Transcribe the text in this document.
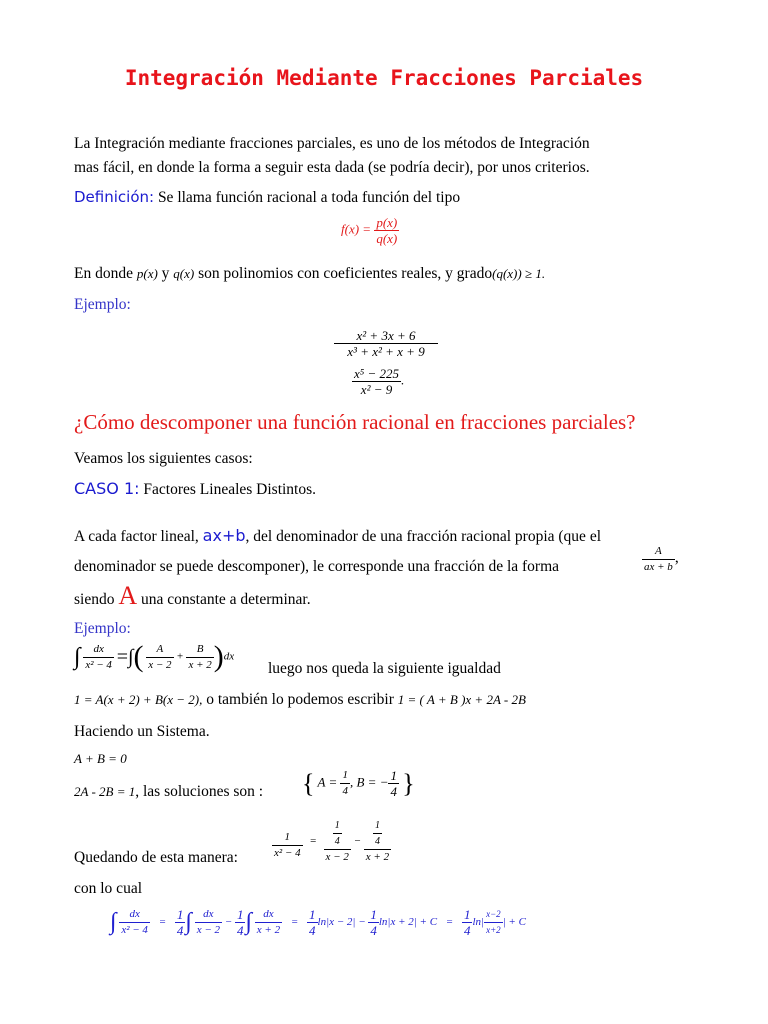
Integración Mediante Fracciones Parciales
La Integración mediante fracciones parciales, es uno de los métodos de Integración
mas fácil, en donde la forma a seguir esta dada (se podría decir), por unos criterios.
Definición: Se llama función racional a toda función del tipo
$f(x) = \frac{p(x)}{q(x)}$
En donde p(x) y q(x) son polinomios con coeficientes reales, y grado(q(x)) ≥ 1.
Ejemplo:
$\frac{\text{x² + 3x + 6}}{\text{x³ + x² + x + 9}}$
$\frac{\text{x⁵ − 225}}{\text{x² − 9}}$ .
¿Cómo descomponer una función racional en fracciones parciales?
Veamos los siguientes casos:
CASO 1: Factores Lineales Distintos.
A cada factor lineal, ax+b, del denominador de una fracción racional propia (que el
denominador se puede descomponer), le corresponde una fracción de la forma	$\frac{A}{ax + b}$ ,
siendo A una constante a determinar.
Ejemplo:
∫ $\frac{dx}{\text{x² − 4}}$ =∫( $\frac{A}{x - 2} + \frac{B}{x + 2} )dx$
luego nos queda la siguiente igualdad
1 = A(x + 2) + B(x − 2), o también lo podemos escribir 1 = ( A + B )x + 2A - 2B
Haciendo un Sistema.
A + B = 0
2A - 2B = 1, las soluciones son : { $A = \frac{1}{4}$ , B = − $\frac{1}{4}$ }
Quedando de esta manera:	$\frac{1}{\text{x² − 4}} = \frac{\frac{1}{4}}{x - 2} - \frac{\frac{1}{4}}{x + 2}$
con lo cual
∫ $\frac{dx}{\text{x² − 4}} = \frac{1}{4}$ ∫ $\frac{dx}{x - 2} - \frac{1}{4}$ ∫ $\frac{dx}{x + 2} = \frac{1}{4} \ln|x - 2| - \frac{1}{4} \ln|x + 2| + C = \frac{1}{4} \ln| \frac{x-2}{x+2}$ | + C
